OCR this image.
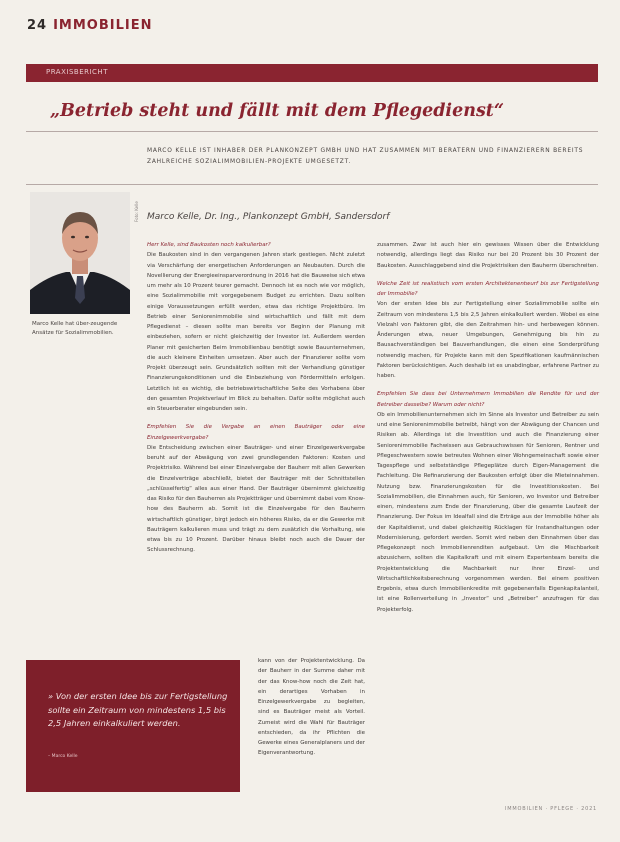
24 IMMOBILIEN
PRAXISBERICHT
„Betrieb steht und fällt mit dem Pflegedienst“
MARCO KELLE IST INHABER DER PLANKONZEPT GMBH UND HAT ZUSAMMEN MIT BERATERN UND FINANZIERERN BEREITS ZAHLREICHE SOZIALIMMOBILIEN-PROJEKTE UMGESETZT.
Foto: Kelle
Marco Kelle hat über-zeugende Ansätze für Sozialimmobilien.
Marco Kelle, Dr. Ing., Plankonzept GmbH, Sandersdorf

Herr Kelle, sind Baukosten noch kalkulierbar?

Die Baukosten sind in den vergangenen Jahren stark gestiegen. Nicht zuletzt via Verschärfung der energetischen Anforderungen an Neubauten. Durch die Novellierung der Energieeinsparverordnung in 2016 hat die Bauweise sich etwa um mehr als 10 Prozent teurer gemacht. Dennoch ist es noch wie vor möglich, eine Sozialimmobilie mit vorgegebenem Budget zu errichten. Dazu sollten einige Voraussetzungen erfüllt werden, etwa das richtige Projektbüro. Im Betrieb einer Seniorenimmobilie sind wirtschaftlich und fällt mit dem Pflegedienst – diesen sollte man bereits vor Beginn der Planung mit einbeziehen, sofern er nicht gleichzeitig der Investor ist. Außerdem werden Planer mit gesicherten Beim Immobilienbau benötigt sowie Bauunternehmen, die auch kleinere Einheiten umsetzen. Aber auch der Finanzierer sollte vom Projekt überzeugt sein. Grundsätzlich sollten mit der Verhandlung günstiger Finanzierungskonditionen und die Einbeziehung von Fördermitteln erfolgen. Letztlich ist es wichtig, die betriebswirtschaftliche Seite des Vorhabens über den gesamten Projektverlauf im Blick zu behalten. Dafür sollte möglichst auch ein Steuerberater eingebunden sein.

Empfehlen Sie die Vergabe an einen Bauträger oder eine Einzelgewerkvergabe?

Die Entscheidung zwischen einer Bauträger- und einer Einzelgewerkvergabe beruht auf der Abwägung von zwei grundlegenden Faktoren: Kosten und Projektrisiko. Während bei einer Einzelvergabe der Bauherr mit allen Gewerken die Einzelverträge abschließt, bietet der Bauträger mit der Schnittstellen „schlüsselfertig“ alles aus einer Hand. Der Bauträger übernimmt gleichzeitig das Risiko für den Bauherren als Projektträger und übernimmt dabei vom Know-how des Bauherrn ab. Somit ist die Einzelvergabe für den Bauherrn wirtschaftlich günstiger, birgt jedoch ein höheres Risiko, da er die Gewerke mit Bauträgern kalkulieren muss und trägt zu dem zusätzlich die Vorhaltung, wie etwa bis zu 10 Prozent. Darüber hinaus bleibt noch auch die Dauer der Schlussrechnung.

kann von der Projektentwicklung. Da der Bauherr in der Summe daher mit der das Know-how noch die Zeit hat, ein derartiges Vorhaben in Einzelgewerkvergabe zu begleiten, sind es Bauträger meist als Vorteil. Zumeist wird die Wahl für Bauträger entschieden, da ihr Pflichten die Gewerke eines Generalplaners und der Eigenverantwortung.

zusammen. Zwar ist auch hier ein gewisses Wissen über die Entwicklung notwendig, allerdings liegt das Risiko nur bei 20 Prozent bis 30 Prozent der Baukosten. Ausschlaggebend sind die Projektrisiken den Bauherrn überschreiten.

Welche Zeit ist realistisch vom ersten Architektenentwurf bis zur Fertigstellung der Immobilie?

Von der ersten Idee bis zur Fertigstellung einer Sozialimmobilie sollte ein Zeitraum von mindestens 1,5 bis 2,5 Jahren einkalkuliert werden. Wobei es eine Vielzahl von Faktoren gibt, die den Zeitrahmen hin- und herbewegen können. Änderungen etwa, neuer Umgebungen, Genehmigung bis hin zu Bausachverständigen bei Bauverhandlungen, die einen eine Sonderprüfung notwendig machen, für Projekte kann mit den Spezifikationen kaufmännischen Faktoren berücksichtigen. Auch deshalb ist es unabdingbar, erfahrene Partner zu haben.

Empfehlen Sie dass bei Unternehmern Immobilien die Rendite für und der Betreiber dasselbe? Warum oder nicht?

Ob ein Immobilienunternehmen sich im Sinne als Investor und Betreiber zu sein und eine Seniorenimmobilie betreibt, hängt von der Abwägung der Chancen und Risiken ab. Allerdings ist die Investition und auch die Finanzierung einer Seniorenimmobilie Fachwissen aus Gebrauchswissen für Senioren, Rentner und Pflegeschwestern sowie betreutes Wohnen einer Wohngemeinschaft sowie einer Tagespflege und selbstständige Pflegeplätze durch Eigen-Management die Fachleitung. Die Refinanzierung der Baukosten erfolgt über die Mieteinnahmen. Nutzung bzw. Finanzierungskosten für die Investitionskosten. Bei Sozialimmobilien, die Einnahmen auch, für Senioren, wo Investor und Betreiber einen, mindestens zum Ende der Finanzierung, über die gesamte Laufzeit der Finanzierung. Der Fokus im Idealfall sind die Erträge aus der Immobilie höher als der Kapitaldienst, und dabei gleichzeitig Rücklagen für Instandhaltungen oder Modernisierung, gefordert werden. Somit wird neben den Einnahmen über das Pflegekonzept noch Immobilienrenditen aufgebaut. Um die Mischbarkeit abzusichern, sollten die Kapitalkraft und mit einem Expertenteam bereits die Projektentwicklung die Machbarkeit nur ihrer Einzel- und Wirtschaftlichkeitsberechnung vorgenommen werden. Bei einem positiven Ergebnis, etwa durch Immobilienkredite mit gegebenenfalls Eigenkapitalanteil, ist eine Rollenverteilung in „Investor“ und „Betreiber“ anzufragen für das Projekterfolg.

» Von der ersten Idee bis zur Fertigstellung sollte ein Zeitraum von mindestens 1,5 bis 2,5 Jahren einkalkuliert werden.
– Marco Kelle
IMMOBILIEN · PFLEGE · 2021
